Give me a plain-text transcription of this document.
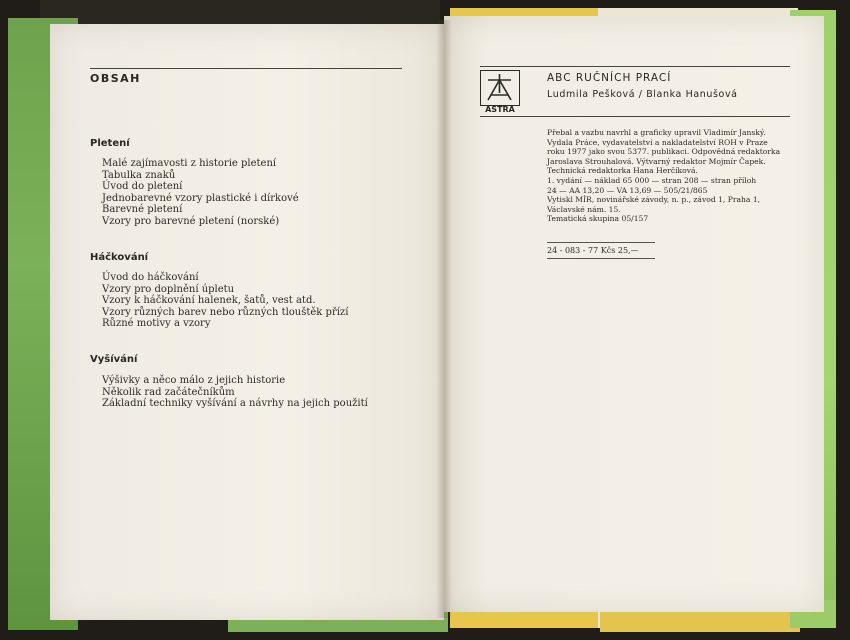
OBSAH
Pletení
Malé zajímavosti z historie pletení
Tabulka znaků
Úvod do pletení
Jednobarevné vzory plastické i dírkové
Barevné pletení
Vzory pro barevné pletení (norské)
Háčkování
Úvod do háčkování
Vzory pro doplnění úpletu
Vzory k háčkování halenek, šatů, vest atd.
Vzory různých barev nebo různých tlouštěk přízí
Různé motivy a vzory
Vyšívání
Výšivky a něco málo z jejich historie
Několik rad začátečníkům
Základní techniky vyšívání a návrhy na jejich použití
ASTRA
ABC RUČNÍCH PRACÍ
Ludmila Pešková / Blanka Hanušová
Přebal a vazbu navrhl a graficky upravil Vladimír Janský.
Vydala Práce, vydavatelství a nakladatelství ROH v Praze
roku 1977 jako svou 5377. publikaci. Odpovědná redaktorka
Jaroslava Strouhalová. Výtvarný redaktor Mojmír Čapek.
Technická redaktorka Hana Herčíková.
1. vydání — náklad 65 000 — stran 208 — stran příloh
24 — AA 13,20 — VA 13,69 — 505/21/865
Vytiskl MÍR, novinářské závody, n. p., závod 1, Praha 1,
Václavské nám. 15.
Tematická skupina 05/157
24 - 083 - 77 Kčs 25,—
